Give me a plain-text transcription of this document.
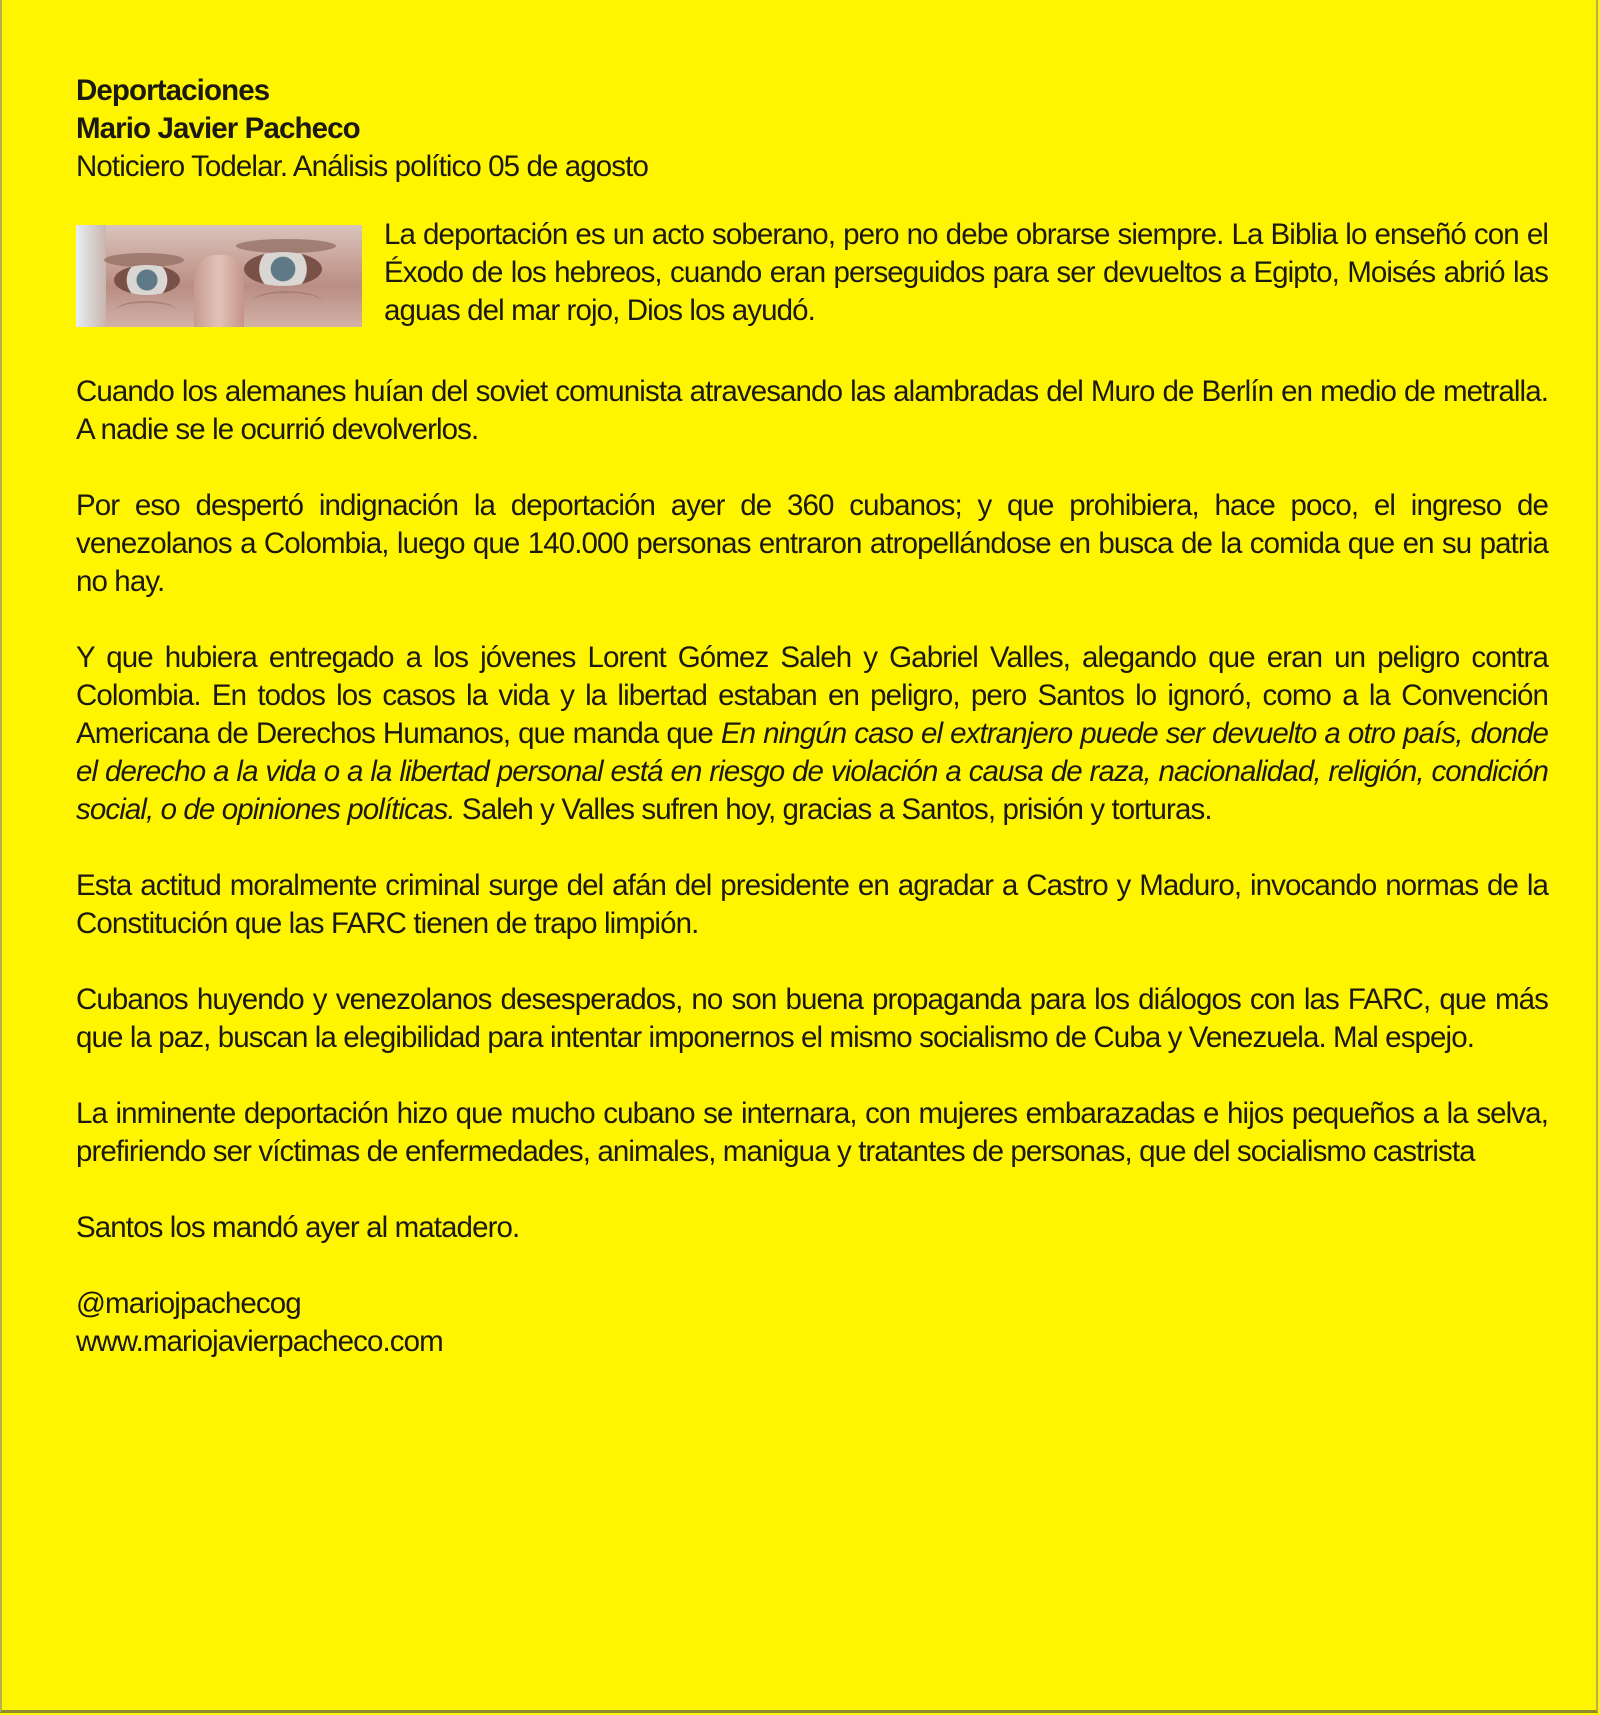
Deportaciones
Mario Javier Pacheco
Noticiero Todelar. Análisis político 05 de agosto
La deportación es un acto soberano, pero no debe obrarse siempre. La Biblia lo enseñó con el Éxodo de los hebreos, cuando eran perseguidos para ser devueltos a Egipto, Moisés abrió las aguas del mar rojo, Dios los ayudó.

Cuando los alemanes huían del soviet comunista atravesando las alambradas del Muro de Berlín en medio de metralla. A nadie se le ocurrió devolverlos.

Por eso despertó indignación la deportación ayer de 360 cubanos; y que prohibiera, hace poco, el ingreso de venezolanos a Colombia, luego que 140.000 personas entraron atropellándose en busca de la comida que en su patria no hay.

Y que hubiera entregado a los jóvenes Lorent Gómez Saleh y Gabriel Valles, alegando que eran un peligro contra Colombia. En todos los casos la vida y la libertad estaban en peligro, pero Santos lo ignoró, como a la Convención Americana de Derechos Humanos, que manda que En ningún caso el extranjero puede ser devuelto a otro país, donde el derecho a la vida o a la libertad personal está en riesgo de violación a causa de raza, nacionalidad, religión, condición social, o de opiniones políticas. Saleh y Valles sufren hoy, gracias a Santos, prisión y torturas.

Esta actitud moralmente criminal surge del afán del presidente en agradar a Castro y Maduro, invocando normas de la Constitución que las FARC tienen de trapo limpión.

Cubanos huyendo y venezolanos desesperados, no son buena propaganda para los diálogos con las FARC, que más que la paz, buscan la elegibilidad para intentar imponernos el mismo socialismo de Cuba y Venezuela. Mal espejo.

La inminente deportación hizo que mucho cubano se internara, con mujeres embarazadas e hijos pequeños a la selva, prefiriendo ser víctimas de enfermedades, animales, manigua y tratantes de personas, que del socialismo castrista

Santos los mandó ayer al matadero.

@mariojpachecog
www.mariojavierpacheco.com
